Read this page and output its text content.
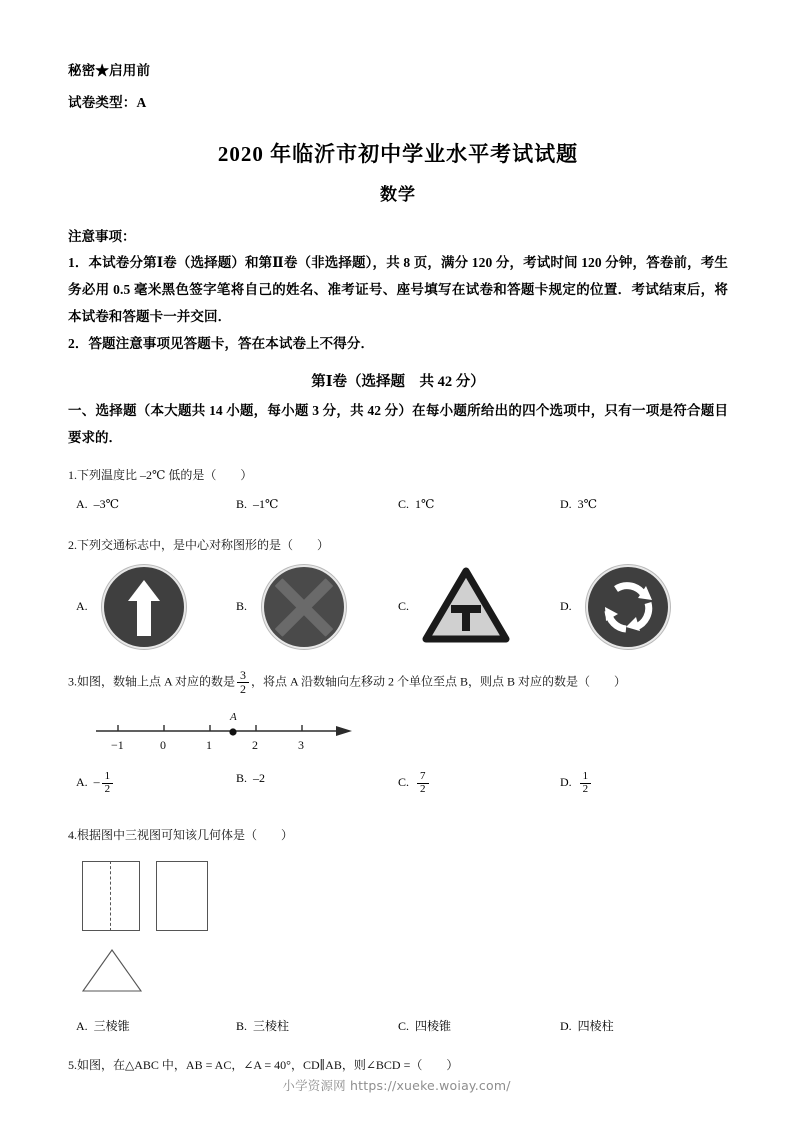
秘密★启用前
试卷类型：A
2020 年临沂市初中学业水平考试试题
数学
注意事项：
1．本试卷分第Ⅰ卷（选择题）和第Ⅱ卷（非选择题），共 8 页，满分 120 分，考试时间 120 分钟，答卷前，考生务必用 0.5 毫米黑色签字笔将自己的姓名、准考证号、座号填写在试卷和答题卡规定的位置．考试结束后，将本试卷和答题卡一并交回．
2．答题注意事项见答题卡，答在本试卷上不得分．
第Ⅰ卷（选择题　共 42 分）
一、选择题（本大题共 14 小题，每小题 3 分，共 42 分）在每小题所给出的四个选项中，只有一项是符合题目要求的．
1.下列温度比 –2℃ 低的是（　　）
A. –3℃	B. –1℃	C. 1℃	D. 3℃
2.下列交通标志中，是中心对称图形的是（　　）
A.	B.	C.	D.
3.如图，数轴上点 A 对应的数是 $\frac{3}{2}$ ，将点 A 沿数轴向左移动 2 个单位至点 B，则点 B 对应的数是（　　）
A
−1	0	1	2	3
A. – $\frac{1}{2}$	B. –2	C. $\frac{7}{2}$	D. $\frac{1}{2}$
4.根据图中三视图可知该几何体是（　　）
A. 三棱锥	B. 三棱柱	C. 四棱锥	D. 四棱柱
5.如图，在△ABC 中，AB = AC，∠A = 40°，CD∥AB，则∠BCD =（　　）
小学资源网 https://xueke.woiay.com/
